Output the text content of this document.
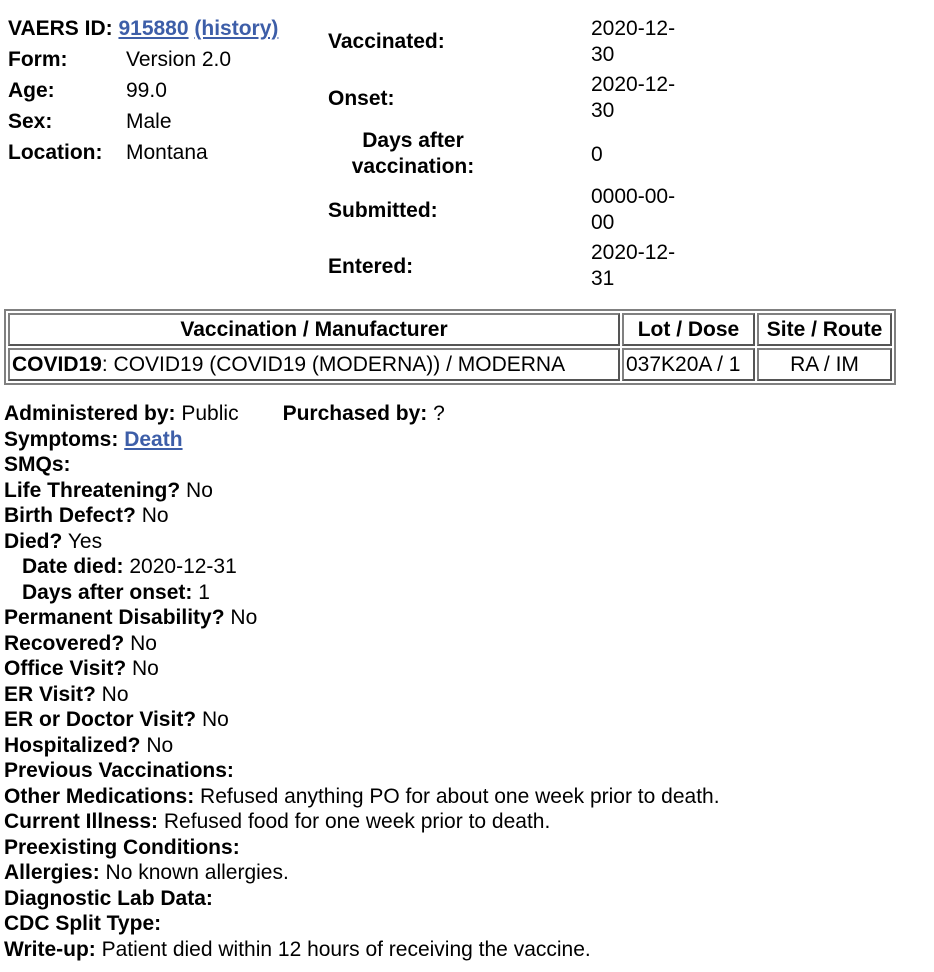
VAERS ID:
915880
(history)
Form:	Version 2.0
Age:	99.0
Sex:	Male
Location:	Montana
Vaccinated:
2020-12-
30
Onset:
2020-12-
30
Days after
vaccination:	0
Submitted:
0000-00-
00
Entered:
2020-12-
31
Vaccination / Manufacturer	Lot / Dose	Site / Route
COVID19: COVID19 (COVID19 (MODERNA)) / MODERNA	037K20A / 1	RA / IM
Administered by: Public Purchased by: ?
Symptoms: Death
SMQs:
Life Threatening? No
Birth Defect? No
Died? Yes
Date died: 2020-12-31
Days after onset: 1
Permanent Disability? No
Recovered? No
Office Visit? No
ER Visit? No
ER or Doctor Visit? No
Hospitalized? No
Previous Vaccinations:
Other Medications: Refused anything PO for about one week prior to death.
Current Illness: Refused food for one week prior to death.
Preexisting Conditions:
Allergies: No known allergies.
Diagnostic Lab Data:
CDC Split Type:
Write-up: Patient died within 12 hours of receiving the vaccine.
